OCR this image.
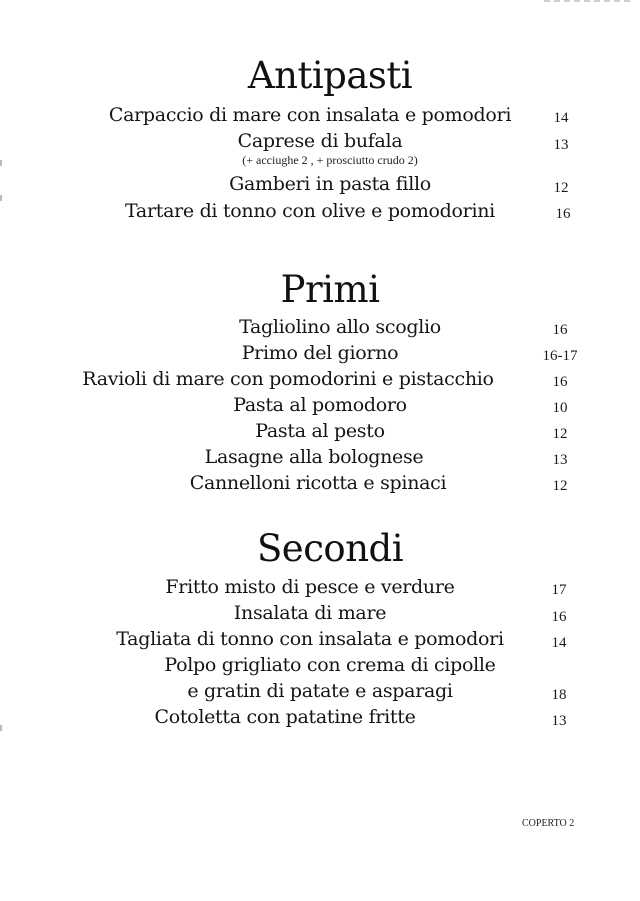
Antipasti
Carpaccio di mare con insalata e pomodori	14
Caprese di bufala	13
(+ acciughe 2 , + prosciutto crudo 2)
Gamberi in pasta fillo	12
Tartare di tonno con olive e pomodorini	16
Primi
Tagliolino allo scoglio	16
Primo del giorno	16-17
Ravioli di mare con pomodorini e pistacchio	16
Pasta al pomodoro	10
Pasta al pesto	12
Lasagne alla bolognese	13
Cannelloni ricotta e spinaci	12
Secondi
Fritto misto di pesce e verdure	17
Insalata di mare	16
Tagliata di tonno con insalata e pomodori	14
Polpo grigliato con crema di cipolle
e gratin di patate e asparagi	18
Cotoletta con patatine fritte	13
COPERTO 2
